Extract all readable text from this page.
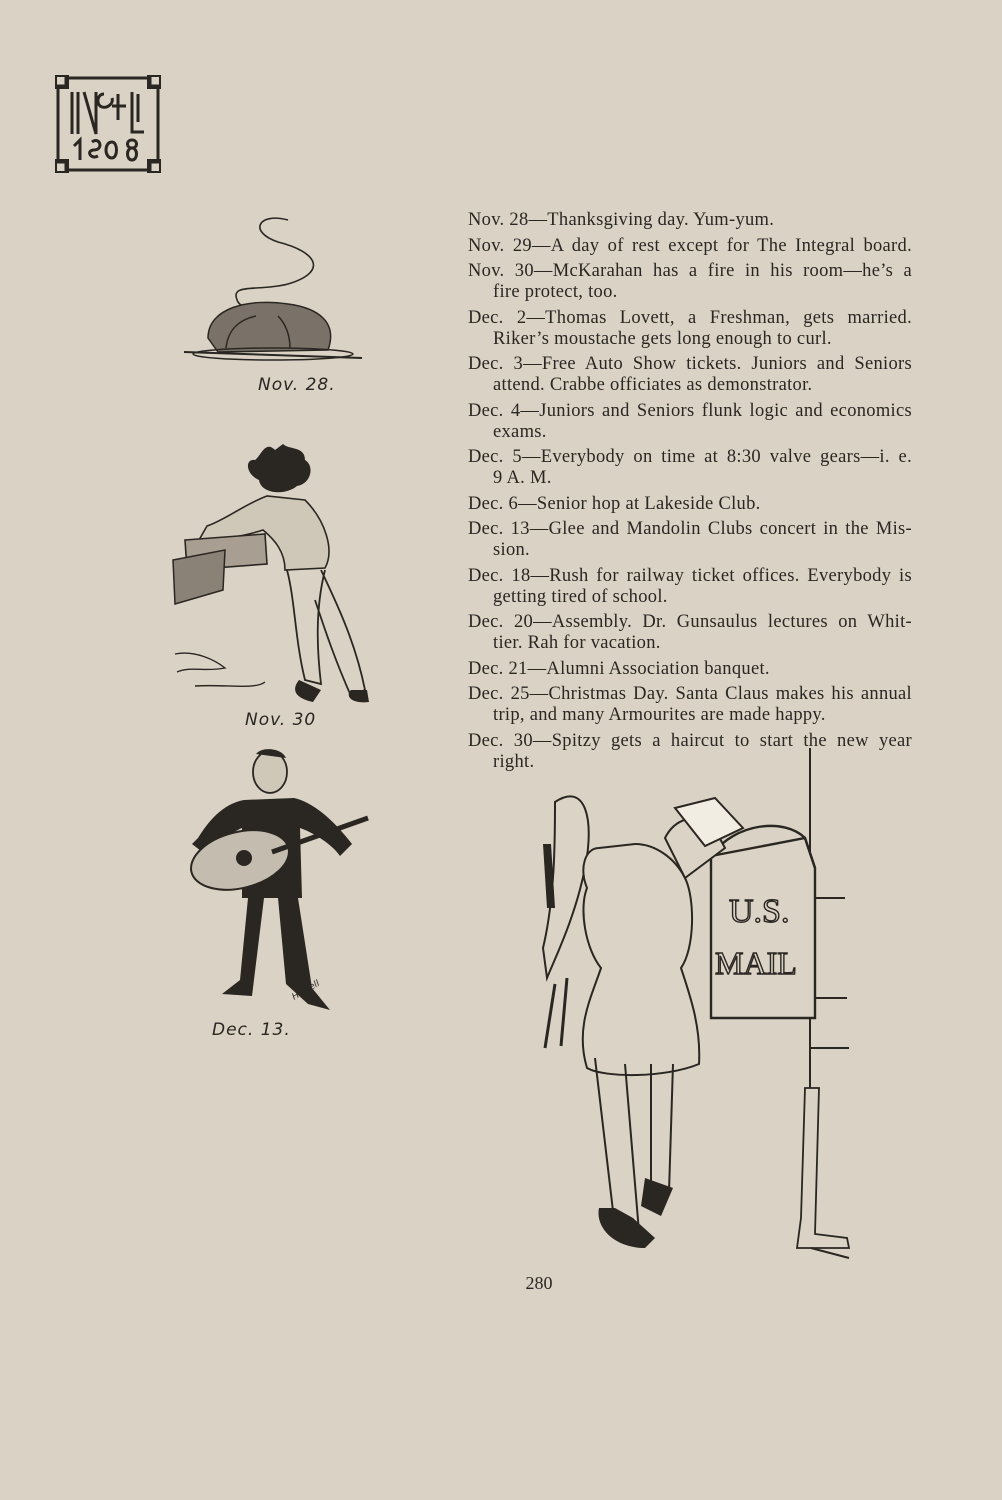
Nov. 28.
Nov. 30
Howell
Dec. 13.
U.S.
MAIL
Nov. 28—Thanksgiving day. Yum-yum.
Nov. 29—A day of rest except for The Integral board.
Nov. 30—McKarahan has a fire in his room—he’s a
fire protect, too.
Dec. 2—Thomas Lovett, a Freshman, gets married.
Riker’s moustache gets long enough to curl.
Dec. 3—Free Auto Show tickets. Juniors and Seniors
attend. Crabbe officiates as demonstrator.
Dec. 4—Juniors and Seniors flunk logic and economics
exams.
Dec. 5—Everybody on time at 8:30 valve gears—i. e.
9 A. M.
Dec. 6—Senior hop at Lakeside Club.
Dec. 13—Glee and Mandolin Clubs concert in the Mis-
sion.
Dec. 18—Rush for railway ticket offices. Everybody is
getting tired of school.
Dec. 20—Assembly. Dr. Gunsaulus lectures on Whit-
tier. Rah for vacation.
Dec. 21—Alumni Association banquet.
Dec. 25—Christmas Day. Santa Claus makes his annual
trip, and many Armourites are made happy.
Dec. 30—Spitzy gets a haircut to start the new year
right.
280
